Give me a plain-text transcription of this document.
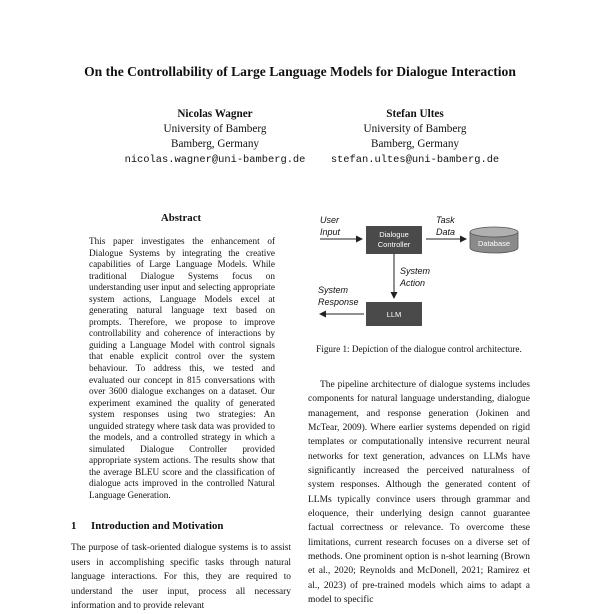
On the Controllability of Large Language Models for Dialogue Interaction
Nicolas Wagner
University of Bamberg
Bamberg, Germany
nicolas.wagner@uni-bamberg.de
Stefan Ultes
University of Bamberg
Bamberg, Germany
stefan.ultes@uni-bamberg.de
Abstract
This paper investigates the enhancement of Dialogue Systems by integrating the creative capabilities of Large Language Models. While traditional Dialogue Systems focus on understanding user input and selecting appropriate system actions, Language Models excel at generating natural language text based on prompts. Therefore, we propose to improve controllability and coherence of interactions by guiding a Language Model with control signals that enable explicit control over the system behaviour. To address this, we tested and evaluated our concept in 815 conversations with over 3600 dialogue exchanges on a dataset. Our experiment examined the quality of generated system responses using two strategies: An unguided strategy where task data was provided to the models, and a controlled strategy in which a simulated Dialogue Controller provided appropriate system actions. The results show that the average BLEU score and the classification of dialogue acts improved in the controlled Natural Language Generation.
1 Introduction and Motivation
The purpose of task-oriented dialogue systems is to assist users in accomplishing specific tasks through natural language interactions. For this, they are required to understand the user input, process all necessary information and to provide relevant
User Input	Dialogue Controller
Task Data
Database
System Action
System Response
LLM
Figure 1: Depiction of the dialogue control architecture.
The pipeline architecture of dialogue systems includes components for natural language understanding, dialogue management, and response generation (Jokinen and McTear, 2009). Where earlier systems depended on rigid templates or computationally intensive recurrent neural networks for text generation, advances on LLMs have significantly increased the perceived naturalness of system responses. Although the generated content of LLMs typically convince users through grammar and eloquence, their underlying design cannot guarantee factual correctness or relevance. To overcome these limitations, current research focuses on a diverse set of methods. One prominent option is n-shot learning (Brown et al., 2020; Reynolds and McDonell, 2021; Ramirez et al., 2023) of pre-trained models which aims to adapt a model to specific
